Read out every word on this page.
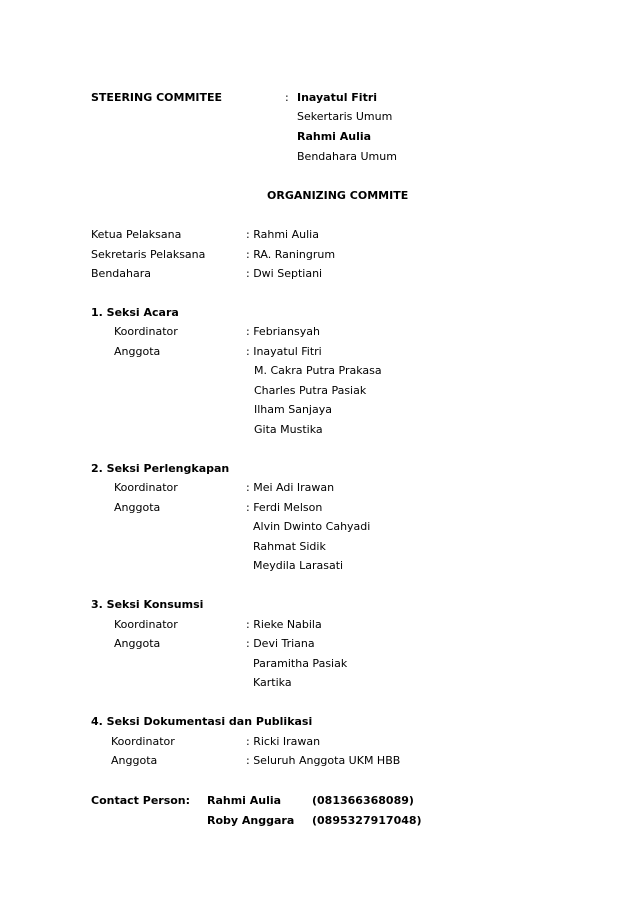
STEERING COMMITEE	: Inayatul Fitri
Sekertaris Umum
Rahmi Aulia
Bendahara Umum
ORGANIZING COMMITE
Ketua Pelaksana	: Rahmi Aulia
Sekretaris Pelaksana	: RA. Raningrum
Bendahara	: Dwi Septiani
1. Seksi Acara
Koordinator	: Febriansyah
Anggota	: Inayatul Fitri
M. Cakra Putra Prakasa
Charles Putra Pasiak
Ilham Sanjaya
Gita Mustika
2. Seksi Perlengkapan
Koordinator	: Mei Adi Irawan
Anggota	: Ferdi Melson
Alvin Dwinto Cahyadi
Rahmat Sidik
Meydila Larasati
3. Seksi Konsumsi
Koordinator	: Rieke Nabila
Anggota	: Devi Triana
Paramitha Pasiak
Kartika
4. Seksi Dokumentasi dan Publikasi
Koordinator	: Ricki Irawan
Anggota	: Seluruh Anggota UKM HBB
Contact Person: Rahmi Aulia	(081366368089)
Roby Anggara (0895327917048)
